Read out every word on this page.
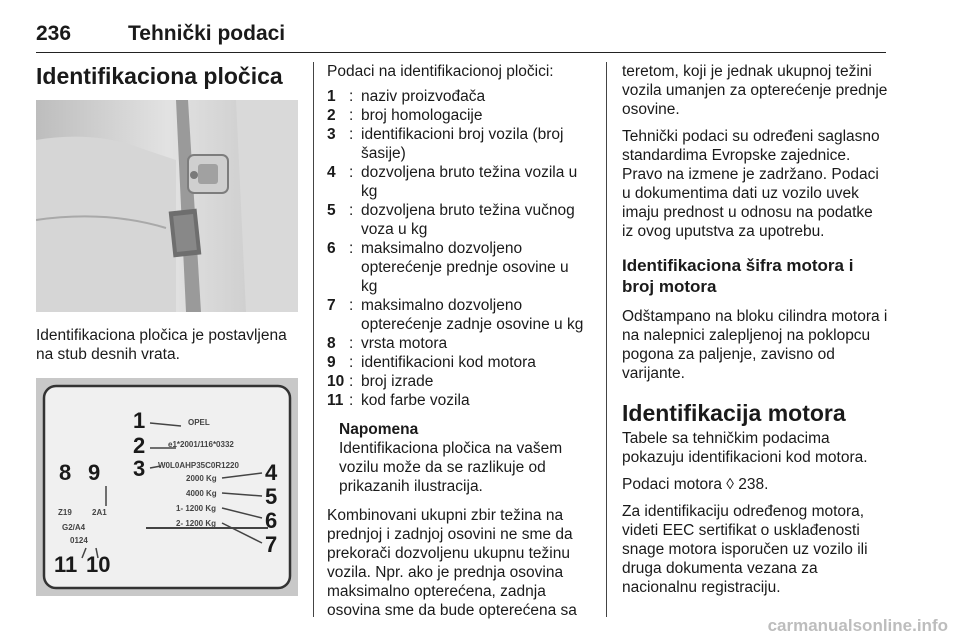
236	Tehnički podaci
Identifikaciona pločica

Identifikaciona pločica je postavljena na stub desnih vrata.

1
2
3	4
5
6
7
8 9
10
11
OPEL
e1*2001/116*0332
W0L0AHP35C0R1220
2000 Kg
4000 Kg
1- 1200 Kg
2- 1200 Kg
Z19	2A1
G2/A4
0124

Podaci na identifikacionoj pločici:

1 : naziv proizvođača
2 : broj homologacije
3 : identifikacioni broj vozila (broj šasije)
4 : dozvoljena bruto težina vozila u kg
5 : dozvoljena bruto težina vučnog voza u kg
6 : maksimalno dozvoljeno opterećenje prednje osovine u kg
7 : maksimalno dozvoljeno opterećenje zadnje osovine u kg
8 : vrsta motora
9 : identifikacioni kod motora
10 : broj izrade
11 : kod farbe vozila
Napomena

Identifikaciona pločica na vašem vozilu može da se razlikuje od prikazanih ilustracija.

Kombinovani ukupni zbir težina na prednjoj i zadnjoj osovini ne sme da prekorači dozvoljenu ukupnu težinu vozila. Npr. ako je prednja osovina maksimalno opterećena, zadnja osovina sme da bude opterećena sa

teretom, koji je jednak ukupnoj težini vozila umanjen za opterećenje prednje osovine.

Tehnički podaci su određeni saglasno standardima Evropske zajednice. Pravo na izmene je zadržano. Podaci u dokumentima dati uz vozilo uvek imaju prednost u odnosu na podatke iz ovog uputstva za upotrebu.

Identifikaciona šifra motora i broj motora

Odštampano na bloku cilindra motora i na nalepnici zalepljenoj na poklopcu pogona za paljenje, zavisno od varijante.

Identifikacija motora

Tabele sa tehničkim podacima pokazuju identifikacioni kod motora.

Podaci motora ◊ 238.

Za identifikaciju određenog motora, videti EEC sertifikat o usklađenosti snage motora isporučen uz vozilo ili druga dokumenta vezana za nacionalnu registraciju.

carmanualsonline.info
